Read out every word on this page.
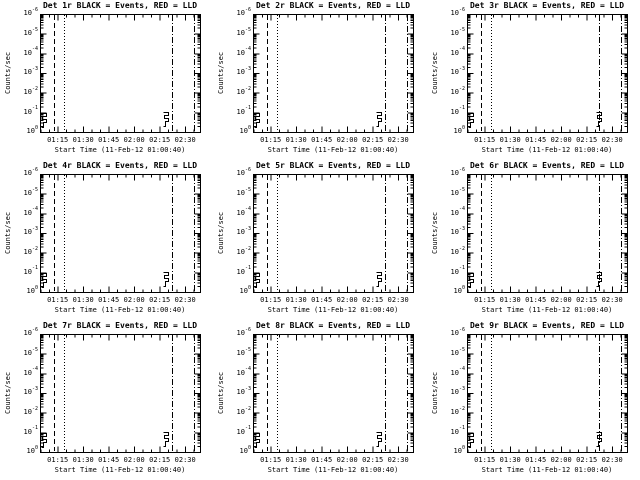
Det 1r BLACK = Events, RED = LLD
Counts/sec
Start Time (11-Feb-12 01:00:40)
$10^0$
$10^{-1}$
$10^{-2}$
$10^{-3}$
$10^{-4}$
$10^{-5}$
$10^{-6}$
01:15 01:30 01:45 02:00 02:15 02:30
Det 2r BLACK = Events, RED = LLD
Counts/sec
Start Time (11-Feb-12 01:00:40)
$10^0$
$10^{-1}$
$10^{-2}$
$10^{-3}$
$10^{-4}$
$10^{-5}$
$10^{-6}$
01:15 01:30 01:45 02:00 02:15 02:30
Det 3r BLACK = Events, RED = LLD
Counts/sec
Start Time (11-Feb-12 01:00:40)
$10^0$
$10^{-1}$
$10^{-2}$
$10^{-3}$
$10^{-4}$
$10^{-5}$
$10^{-6}$
01:15 01:30 01:45 02:00 02:15 02:30
Det 4r BLACK = Events, RED = LLD
Counts/sec
Start Time (11-Feb-12 01:00:40)
$10^0$
$10^{-1}$
$10^{-2}$
$10^{-3}$
$10^{-4}$
$10^{-5}$
$10^{-6}$
01:15 01:30 01:45 02:00 02:15 02:30
Det 5r BLACK = Events, RED = LLD
Counts/sec
Start Time (11-Feb-12 01:00:40)
$10^0$
$10^{-1}$
$10^{-2}$
$10^{-3}$
$10^{-4}$
$10^{-5}$
$10^{-6}$
01:15 01:30 01:45 02:00 02:15 02:30
Det 6r BLACK = Events, RED = LLD
Counts/sec
Start Time (11-Feb-12 01:00:40)
$10^0$
$10^{-1}$
$10^{-2}$
$10^{-3}$
$10^{-4}$
$10^{-5}$
$10^{-6}$
01:15 01:30 01:45 02:00 02:15 02:30
Det 7r BLACK = Events, RED = LLD
Counts/sec
Start Time (11-Feb-12 01:00:40)
$10^0$
$10^{-1}$
$10^{-2}$
$10^{-3}$
$10^{-4}$
$10^{-5}$
$10^{-6}$
01:15 01:30 01:45 02:00 02:15 02:30
Det 8r BLACK = Events, RED = LLD
Counts/sec
Start Time (11-Feb-12 01:00:40)
$10^0$
$10^{-1}$
$10^{-2}$
$10^{-3}$
$10^{-4}$
$10^{-5}$
$10^{-6}$
01:15 01:30 01:45 02:00 02:15 02:30
Det 9r BLACK = Events, RED = LLD
Counts/sec
Start Time (11-Feb-12 01:00:40)
$10^0$
$10^{-1}$
$10^{-2}$
$10^{-3}$
$10^{-4}$
$10^{-5}$
$10^{-6}$
01:15 01:30 01:45 02:00 02:15 02:30
